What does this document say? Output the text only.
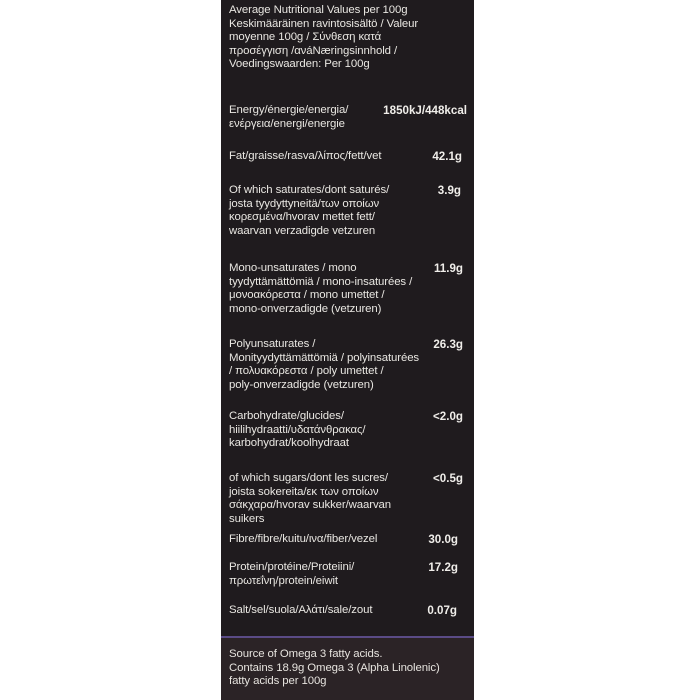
Average Nutritional Values per 100g
Keskimääräinen ravintosisältö / Valeur
moyenne 100g / Σύνθεση κατά
προσέγγιση /ανáNæringsinnhold /
Voedingswaarden: Per 100g
Energy/énergie/energia/
ενέργεια/energi/energie
1850kJ/448kcal
Fat/graisse/rasva/λίπος/fett/vet	42.1g
Of which saturates/dont saturés/
josta tyydyttyneitä/των οποίων
κορεσμένα/hvorav mettet fett/
waarvan verzadigde vetzuren
3.9g
Mono-unsaturates / mono
tyydyttämättömiä / mono-insaturées /
μονοακόρεστα / mono umettet /
mono-onverzadigde (vetzuren)
11.9g
Polyunsaturates /
Monityydyttämättömiä / polyinsaturées
/ πολυακόρεστα / poly umettet /
poly-onverzadigde (vetzuren)
26.3g
Carbohydrate/glucides/
hiilihydraatti/υδατάνθρακας/
karbohydrat/koolhydraat
<2.0g
of which sugars/dont les sucres/
joista sokereita/εκ των οποίων
σάκχαρα/hvorav sukker/waarvan suikers
<0.5g
Fibre/fibre/kuitu/ινα/fiber/vezel	30.0g
Protein/protéine/Proteiini/
πρωτεΐνη/protein/eiwit
17.2g
Salt/sel/suola/Αλάτι/sale/zout	0.07g
Source of Omega 3 fatty acids.
Contains 18.9g Omega 3 (Alpha Linolenic)
fatty acids per 100g
